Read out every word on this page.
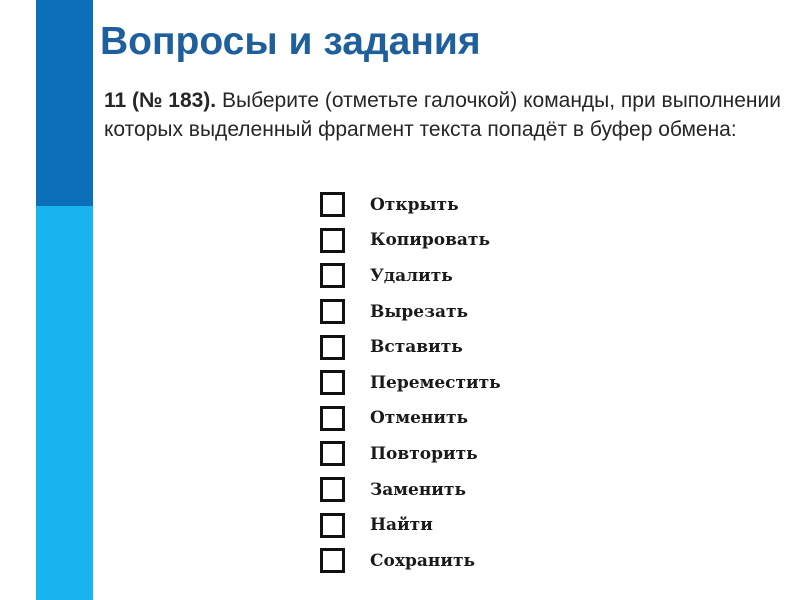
Вопросы и задания
11 (№ 183). Выберите (отметьте галочкой) команды, при выполнении которых выделенный фрагмент текста попадёт в буфер обмена:
Открыть
Копировать
Удалить
Вырезать
Вставить
Переместить
Отменить
Повторить
Заменить
Найти
Сохранить
